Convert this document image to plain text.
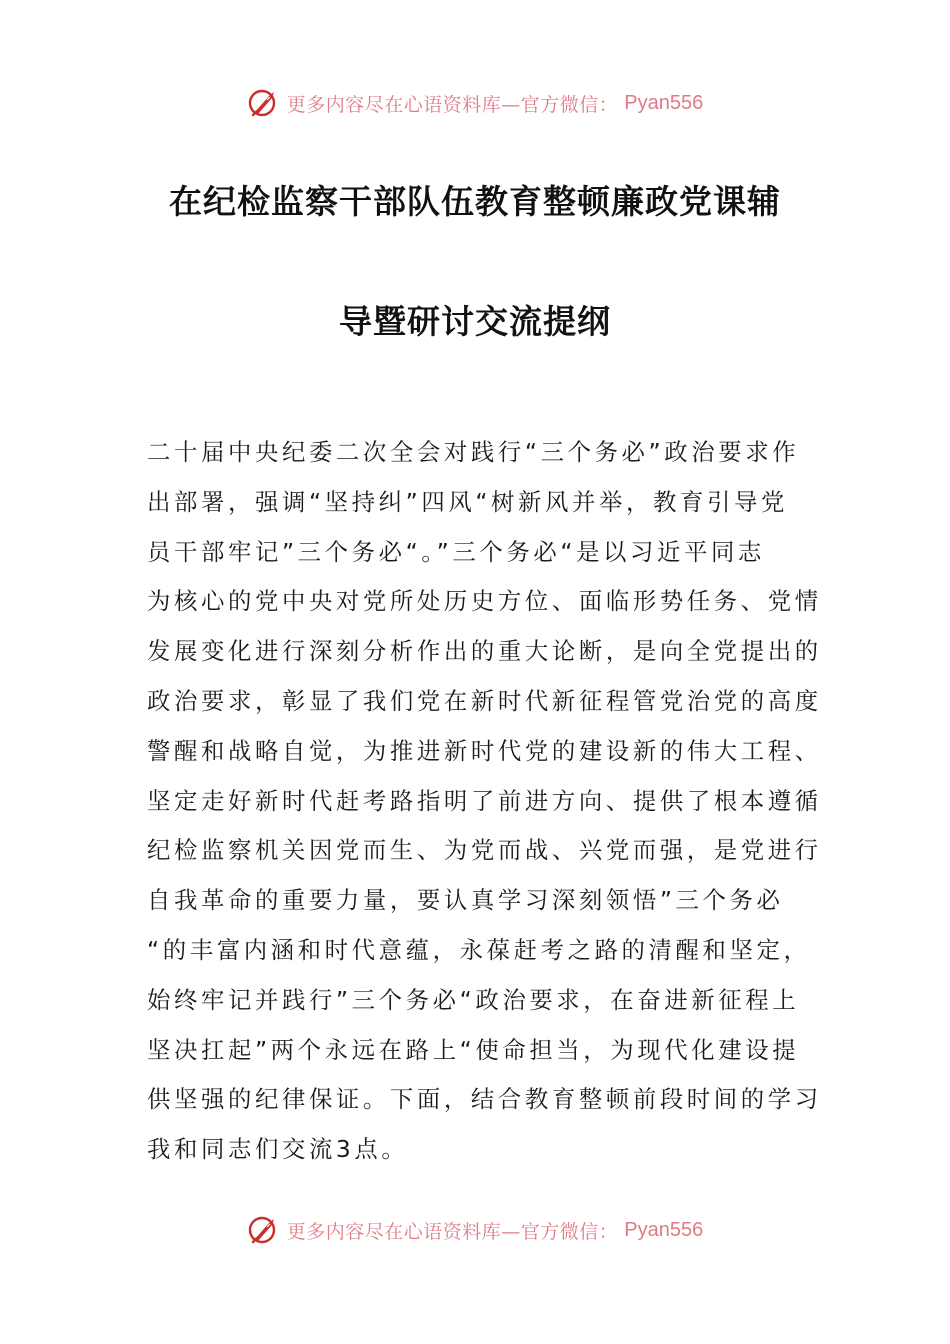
更多内容尽在心语资料库—官方微信： Pyan556
在纪检监察干部队伍教育整顿廉政党课辅
导暨研讨交流提纲
二十届中央纪委二次全会对践行“三个务必”政治要求作
出部署，强调“坚持纠”四风“树新风并举，教育引导党
员干部牢记”三个务必“。”三个务必“是以习近平同志
为核心的党中央对党所处历史方位、面临形势任务、党情
发展变化进行深刻分析作出的重大论断，是向全党提出的
政治要求，彰显了我们党在新时代新征程管党治党的高度
警醒和战略自觉，为推进新时代党的建设新的伟大工程、
坚定走好新时代赶考路指明了前进方向、提供了根本遵循
纪检监察机关因党而生、为党而战、兴党而强，是党进行
自我革命的重要力量，要认真学习深刻领悟”三个务必
“的丰富内涵和时代意蕴，永葆赶考之路的清醒和坚定，
始终牢记并践行”三个务必“政治要求，在奋进新征程上
坚决扛起”两个永远在路上“使命担当，为现代化建设提
供坚强的纪律保证。下面，结合教育整顿前段时间的学习
我和同志们交流3点。
更多内容尽在心语资料库—官方微信： Pyan556
